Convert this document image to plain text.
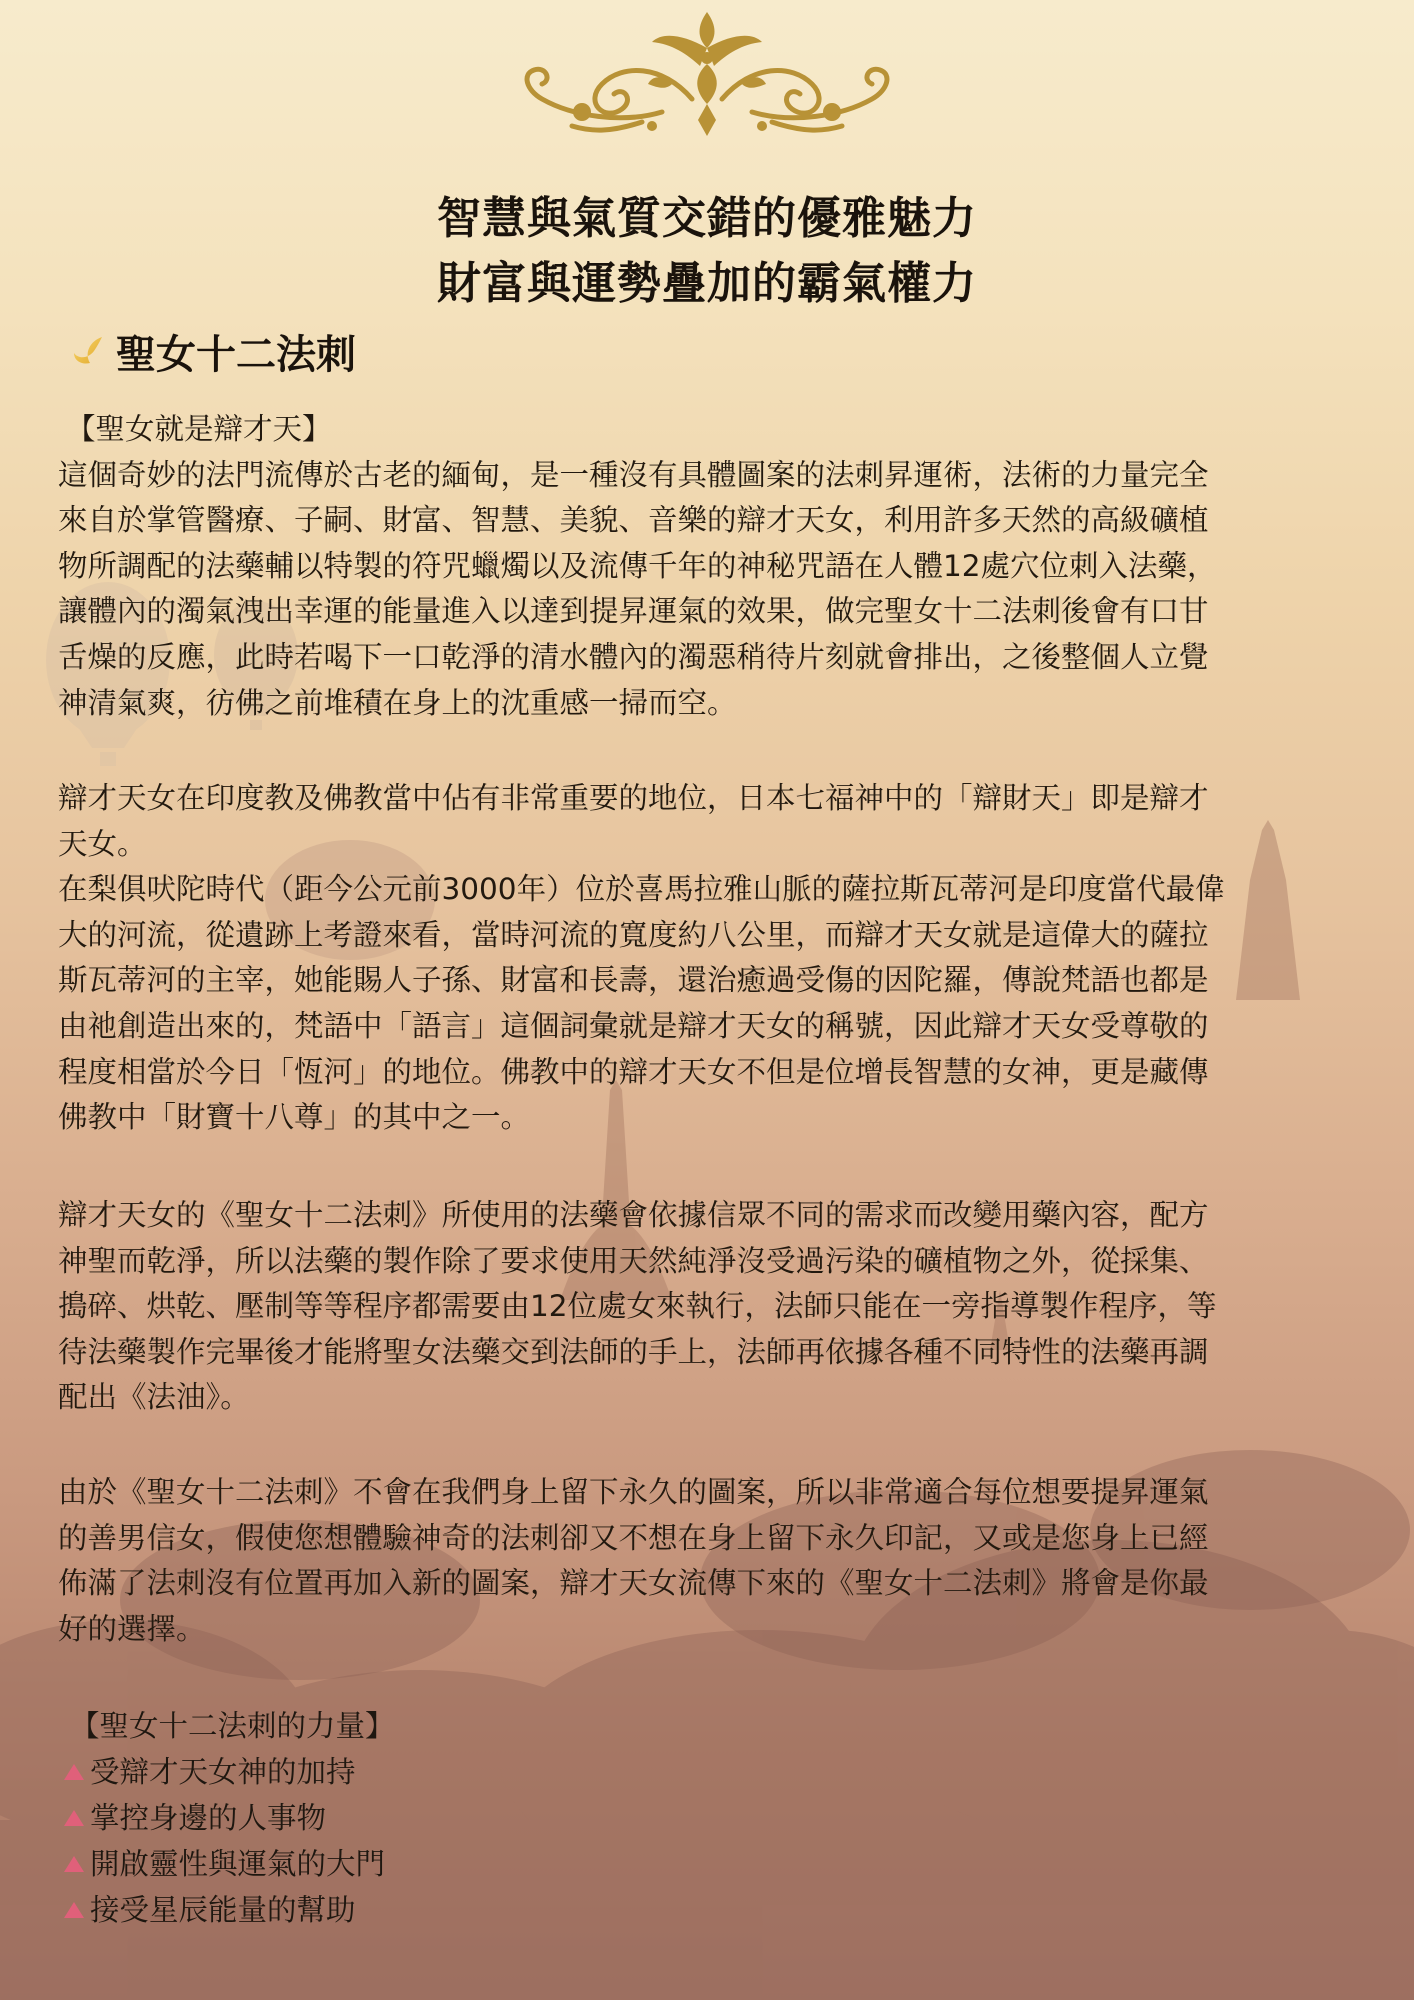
智慧與氣質交錯的優雅魅力
財富與運勢疊加的霸氣權力
聖女十二法刺
【聖女就是辯才天】
這個奇妙的法門流傳於古老的緬甸，是一種沒有具體圖案的法刺昇運術，法術的力量完全
來自於掌管醫療、子嗣、財富、智慧、美貌、音樂的辯才天女，利用許多天然的高級礦植
物所調配的法藥輔以特製的符咒蠟燭以及流傳千年的神秘咒語在人體12處穴位刺入法藥，
讓體內的濁氣洩出幸運的能量進入以達到提昇運氣的效果，做完聖女十二法刺後會有口甘
舌燥的反應，此時若喝下一口乾淨的清水體內的濁惡稍待片刻就會排出，之後整個人立覺
神清氣爽，彷佛之前堆積在身上的沈重感一掃而空。
辯才天女在印度教及佛教當中佔有非常重要的地位，日本七福神中的「辯財天」即是辯才
天女。
在梨俱吠陀時代（距今公元前3000年）位於喜馬拉雅山脈的薩拉斯瓦蒂河是印度當代最偉
大的河流，從遺跡上考證來看，當時河流的寬度約八公里，而辯才天女就是這偉大的薩拉
斯瓦蒂河的主宰，她能賜人子孫、財富和長壽，還治癒過受傷的因陀羅，傳說梵語也都是
由祂創造出來的，梵語中「語言」這個詞彙就是辯才天女的稱號，因此辯才天女受尊敬的
程度相當於今日「恆河」的地位。佛教中的辯才天女不但是位增長智慧的女神，更是藏傳
佛教中「財寶十八尊」的其中之一。
辯才天女的《聖女十二法刺》所使用的法藥會依據信眾不同的需求而改變用藥內容，配方
神聖而乾淨，所以法藥的製作除了要求使用天然純淨沒受過污染的礦植物之外，從採集、
搗碎、烘乾、壓制等等程序都需要由12位處女來執行，法師只能在一旁指導製作程序，等
待法藥製作完畢後才能將聖女法藥交到法師的手上，法師再依據各種不同特性的法藥再調
配出《法油》。
由於《聖女十二法刺》不會在我們身上留下永久的圖案，所以非常適合每位想要提昇運氣
的善男信女，假使您想體驗神奇的法刺卻又不想在身上留下永久印記，又或是您身上已經
佈滿了法刺沒有位置再加入新的圖案，辯才天女流傳下來的《聖女十二法刺》將會是你最
好的選擇。
【聖女十二法刺的力量】
受辯才天女神的加持
掌控身邊的人事物
開啟靈性與運氣的大門
接受星辰能量的幫助
